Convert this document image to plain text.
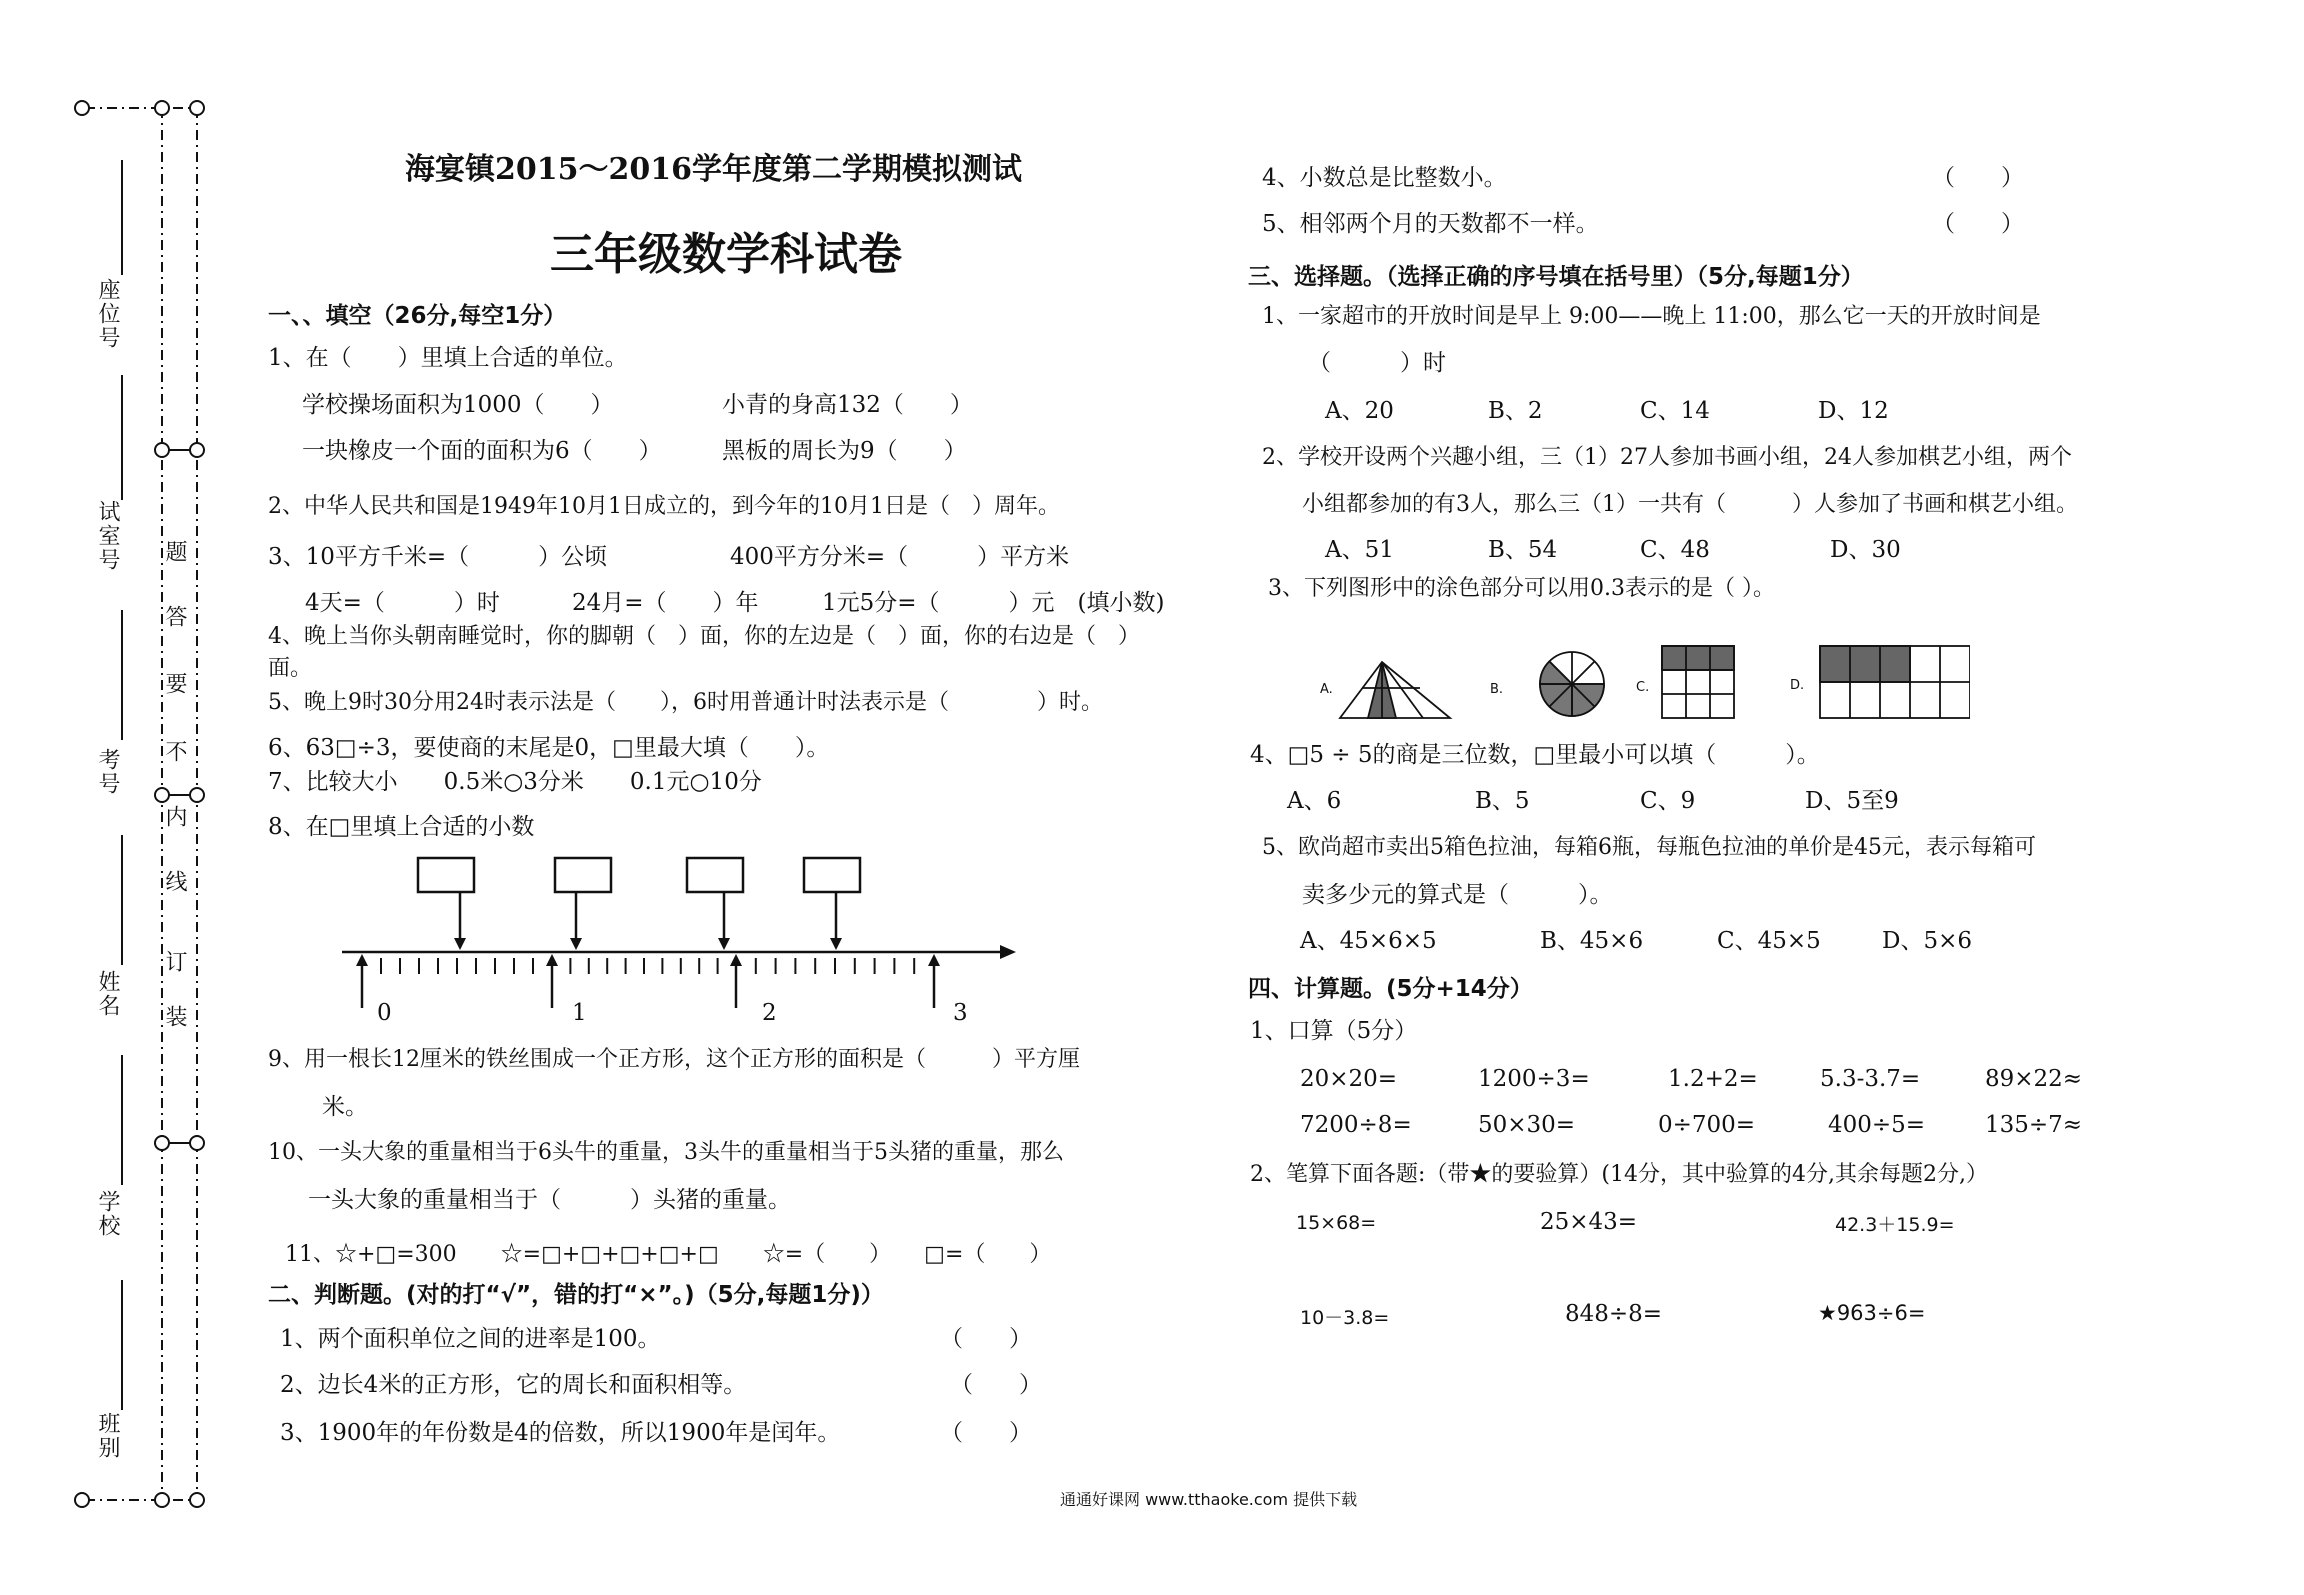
座位号
试室号
考号
姓名
学校
班别
题
答
要
不
内
线
订
装
海宴镇2015～2016学年度第二学期模拟测试
三年级数学科试卷
一、、填空（26分,每空1分）
1、在（　　）里填上合适的单位。
学校操场面积为1000（　　）	小青的身高132（　　）
一块橡皮一个面的面积为6（　　）	黑板的周长为9（　　）
2、中华人民共和国是1949年10月1日成立的，到今年的10月1日是（　）周年。
3、10平方千米=（　　　）公顷	400平方分米=（　　　）平方米
4天=（　　　）时	24月=（　　）年	1元5分=（　　　）元　(填小数)
4、晚上当你头朝南睡觉时，你的脚朝（　）面，你的左边是（　）面，你的右边是（　）
面。
5、晚上9时30分用24时表示法是（　　），6时用普通计时法表示是（　　　　）时。
6、63□÷3，要使商的末尾是0，□里最大填（　　）。
7、比较大小　　0.5米○3分米　　0.1元○10分
8、在□里填上合适的小数
0	1	2	3
9、用一根长12厘米的铁丝围成一个正方形，这个正方形的面积是（　　　）平方厘
米。
10、一头大象的重量相当于6头牛的重量，3头牛的重量相当于5头猪的重量，那么
一头大象的重量相当于（　　　）头猪的重量。
11、☆+□=300　　☆=□+□+□+□+□　　☆=（　　）　　□=（　　）
二、判断题。(对的打“√”，错的打“×”。)（5分,每题1分)）
1、两个面积单位之间的进率是100。	（　　）
2、边长4米的正方形，它的周长和面积相等。	（　　）
3、1900年的年份数是4的倍数，所以1900年是闰年。	（　　）
4、小数总是比整数小。	（　　）
5、相邻两个月的天数都不一样。	（　　）
三、选择题。（选择正确的序号填在括号里）（5分,每题1分）
1、一家超市的开放时间是早上 9:00——晚上 11:00，那么它一天的开放时间是
（　　　）时
A、20	B、2	C、14	D、12
2、学校开设两个兴趣小组，三（1）27人参加书画小组，24人参加棋艺小组，两个
小组都参加的有3人，那么三（1）一共有（　　　）人参加了书画和棋艺小组。
A、51	B、54	C、48	D、30
3、下列图形中的涂色部分可以用0.3表示的是（ ）。
A.	B.	C.	D.
4、□5 ÷ 5的商是三位数，□里最小可以填（　　　）。
A、6	B、5	C、9	D、5至9
5、欧尚超市卖出5箱色拉油，每箱6瓶，每瓶色拉油的单价是45元，表示每箱可
卖多少元的算式是（　　　）。
A、45×6×5	B、45×6	C、45×5	D、5×6
四、计算题。(5分+14分）
1、口算（5分）
20×20=	1200÷3=	1.2+2=	5.3-3.7=	89×22≈
7200÷8=	50×30=	0÷700=	400÷5=	135÷7≈
2、笔算下面各题:（带★的要验算）(14分，其中验算的4分,其余每题2分,）
15×68=	25×43=	42.3＋15.9=
10－3.8=	848÷8=	★963÷6=
通通好课网 www.tthaoke.com 提供下载
